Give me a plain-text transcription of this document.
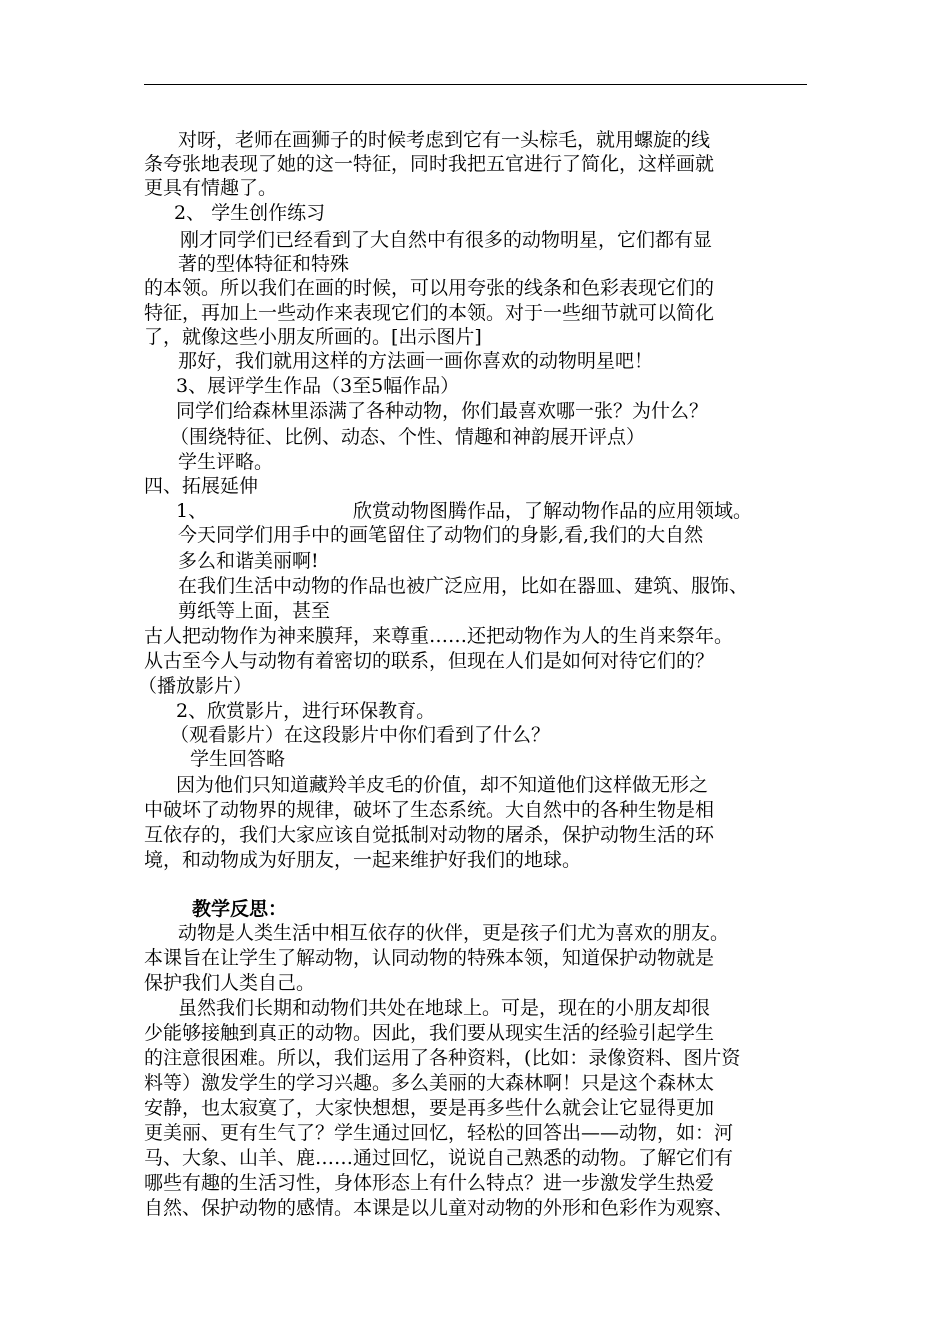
对呀，老师在画狮子的时候考虑到它有一头棕毛，就用螺旋的线
条夸张地表现了她的这一特征，同时我把五官进行了简化，这样画就
更具有情趣了。
2、 学生创作练习
刚才同学们已经看到了大自然中有很多的动物明星，它们都有显
著的型体特征和特殊
的本领。所以我们在画的时候，可以用夸张的线条和色彩表现它们的
特征，再加上一些动作来表现它们的本领。对于一些细节就可以简化
了，就像这些小朋友所画的。[出示图片]
那好，我们就用这样的方法画一画你喜欢的动物明星吧！
3、展评学生作品（3至5幅作品）
同学们给森林里添满了各种动物，你们最喜欢哪一张？为什么？
（围绕特征、比例、动态、个性、情趣和神韵展开评点）
学生评略。
四、拓展延伸
1、	欣赏动物图腾作品，了解动物作品的应用领域。
今天同学们用手中的画笔留住了动物们的身影,看,我们的大自然
多么和谐美丽啊!
在我们生活中动物的作品也被广泛应用，比如在器皿、建筑、服饰、
剪纸等上面，甚至
古人把动物作为神来膜拜，来尊重……还把动物作为人的生肖来祭年。
从古至今人与动物有着密切的联系，但现在人们是如何对待它们的？
（播放影片）
2、欣赏影片，进行环保教育。
（观看影片）在这段影片中你们看到了什么？
学生回答略
因为他们只知道藏羚羊皮毛的价值，却不知道他们这样做无形之
中破坏了动物界的规律，破坏了生态系统。大自然中的各种生物是相
互依存的，我们大家应该自觉抵制对动物的屠杀，保护动物生活的环
境，和动物成为好朋友，一起来维护好我们的地球。
教学反思：
动物是人类生活中相互依存的伙伴，更是孩子们尤为喜欢的朋友。
本课旨在让学生了解动物，认同动物的特殊本领，知道保护动物就是
保护我们人类自己。
虽然我们长期和动物们共处在地球上。可是，现在的小朋友却很
少能够接触到真正的动物。因此，我们要从现实生活的经验引起学生
的注意很困难。所以，我们运用了各种资料，(比如：录像资料、图片资
料等）激发学生的学习兴趣。多么美丽的大森林啊！只是这个森林太
安静，也太寂寞了，大家快想想，要是再多些什么就会让它显得更加
更美丽、更有生气了？学生通过回忆，轻松的回答出——动物，如：河
马、大象、山羊、鹿……通过回忆，说说自己熟悉的动物。了解它们有
哪些有趣的生活习性，身体形态上有什么特点？进一步激发学生热爱
自然、保护动物的感情。本课是以儿童对动物的外形和色彩作为观察、
